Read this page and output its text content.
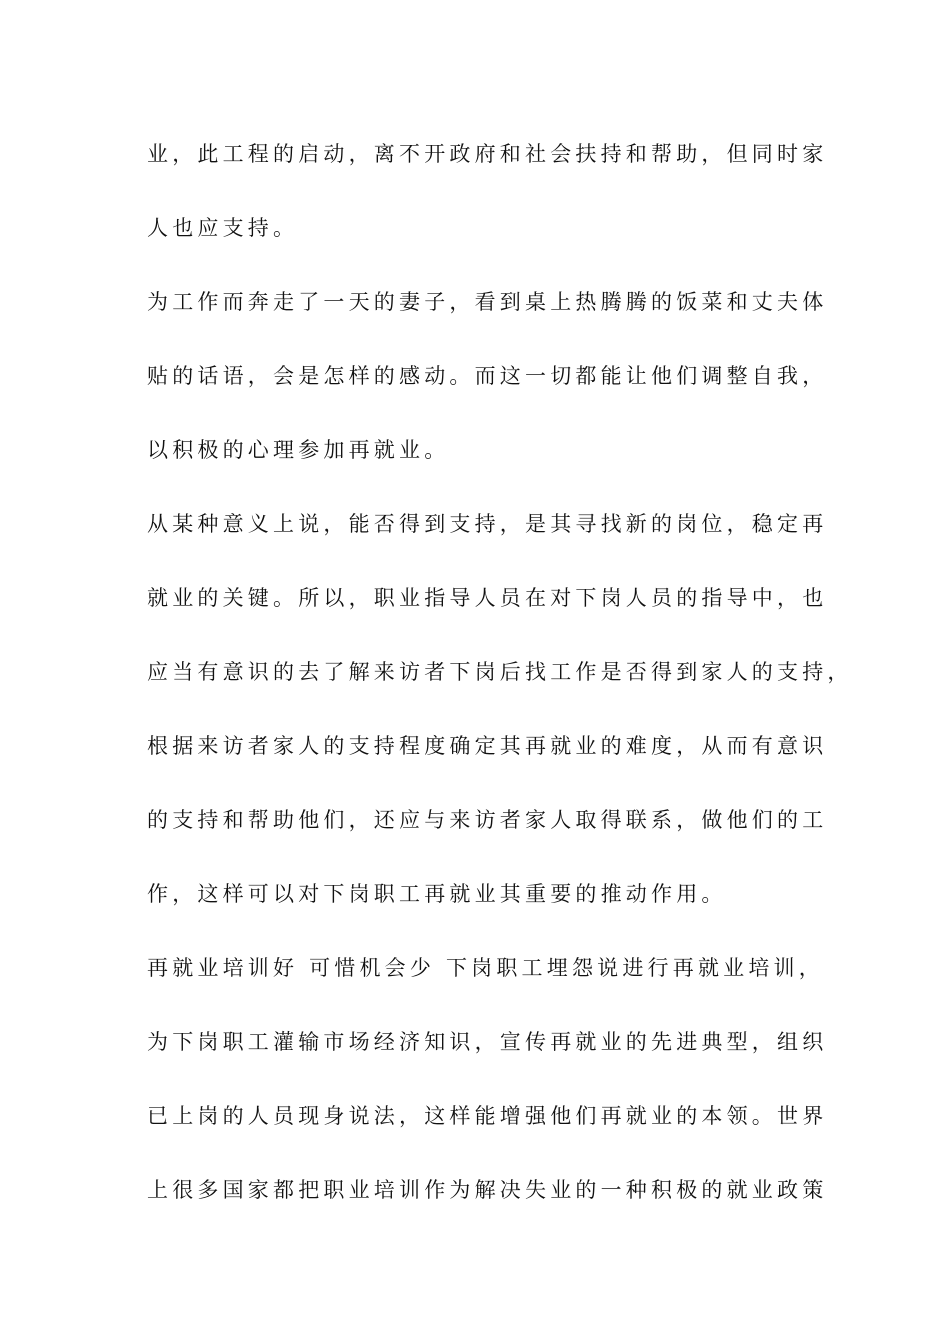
业，此工程的启动，离不开政府和社会扶持和帮助，但同时家
人也应支持。
为工作而奔走了一天的妻子，看到桌上热腾腾的饭菜和丈夫体
贴的话语，会是怎样的感动。而这一切都能让他们调整自我，
以积极的心理参加再就业。
从某种意义上说，能否得到支持，是其寻找新的岗位，稳定再
就业的关键。所以，职业指导人员在对下岗人员的指导中，也
应当有意识的去了解来访者下岗后找工作是否得到家人的支持，
根据来访者家人的支持程度确定其再就业的难度，从而有意识
的支持和帮助他们，还应与来访者家人取得联系，做他们的工
作，这样可以对下岗职工再就业其重要的推动作用。
再就业培训好 可惜机会少 下岗职工埋怨说进行再就业培训，
为下岗职工灌输市场经济知识，宣传再就业的先进典型，组织
已上岗的人员现身说法，这样能增强他们再就业的本领。世界
上很多国家都把职业培训作为解决失业的一种积极的就业政策
